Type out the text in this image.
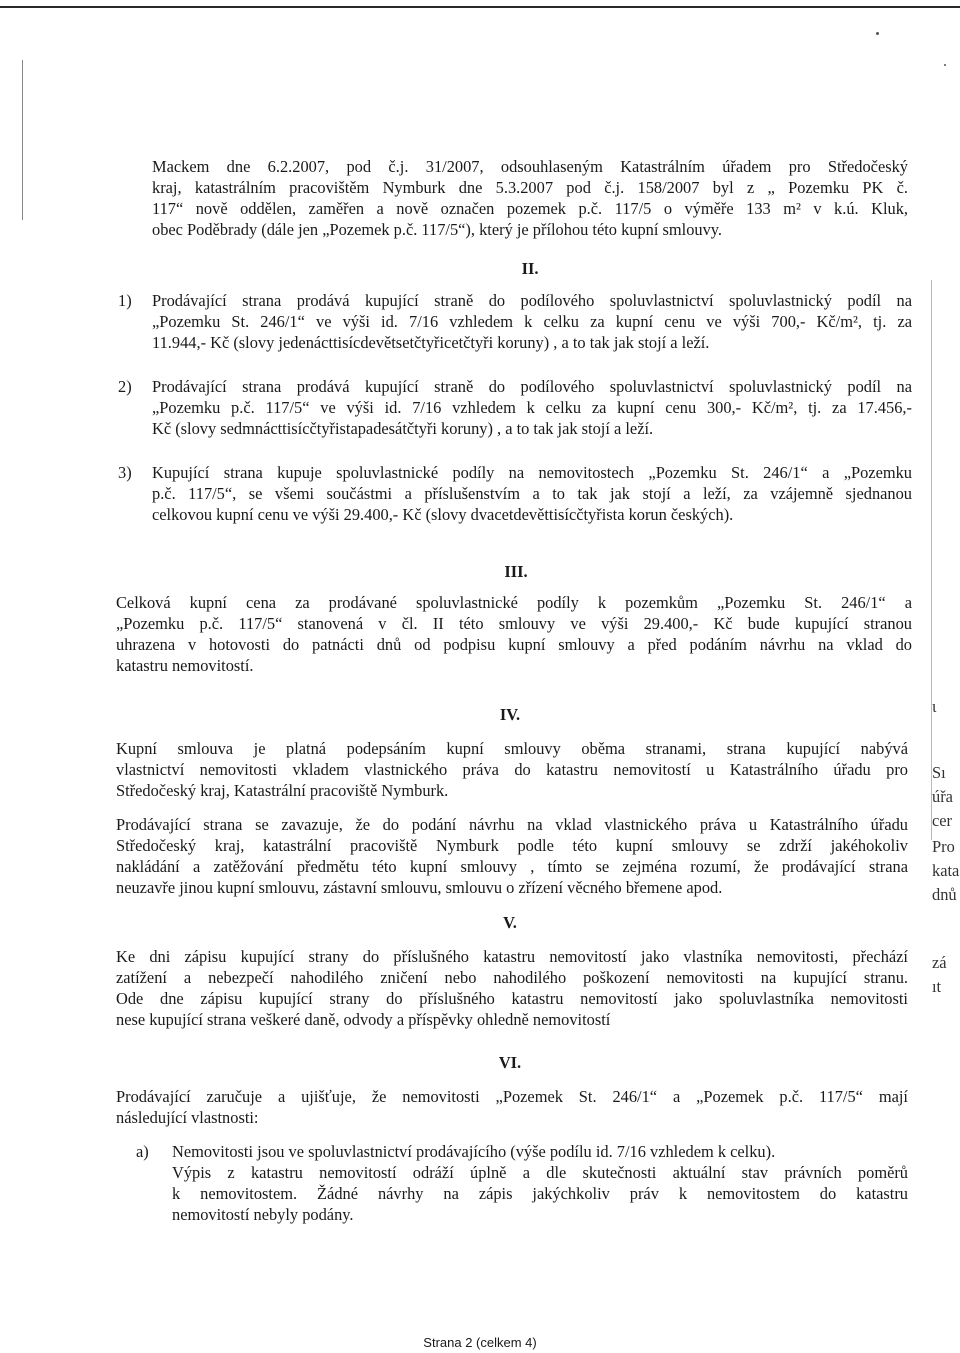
Mackem dne 6.2.2007, pod č.j. 31/2007, odsouhlaseným Katastrálním úřadem pro Středočeský
kraj, katastrálním pracovištěm Nymburk dne 5.3.2007 pod č.j. 158/2007 byl z „ Pozemku PK č.
117“ nově oddělen, zaměřen a nově označen pozemek p.č. 117/5 o výměře 133 m² v k.ú. Kluk,
obec Poděbrady (dále jen „Pozemek p.č. 117/5“), který je přílohou této kupní smlouvy.
II.
1) Prodávající strana prodává kupující straně do podílového spoluvlastnictví spoluvlastnický podíl na
„Pozemku St. 246/1“ ve výši id. 7/16 vzhledem k celku za kupní cenu ve výši 700,- Kč/m², tj. za
11.944,- Kč (slovy jedenácttisícdevětsetčtyřicetčtyři koruny) , a to tak jak stojí a leží.
2) Prodávající strana prodává kupující straně do podílového spoluvlastnictví spoluvlastnický podíl na
„Pozemku p.č. 117/5“ ve výši id. 7/16 vzhledem k celku za kupní cenu 300,- Kč/m², tj. za 17.456,-
Kč (slovy sedmnácttisícčtyřistapadesátčtyři koruny) , a to tak jak stojí a leží.
3) Kupující strana kupuje spoluvlastnické podíly na nemovitostech „Pozemku St. 246/1“ a „Pozemku
p.č. 117/5“, se všemi součástmi a příslušenstvím a to tak jak stojí a leží, za vzájemně sjednanou
celkovou kupní cenu ve výši 29.400,- Kč (slovy dvacetdevěttisícčtyřista korun českých).
III.
Celková kupní cena za prodávané spoluvlastnické podíly k pozemkům „Pozemku St. 246/1“ a
„Pozemku p.č. 117/5“ stanovená v čl. II této smlouvy ve výši 29.400,- Kč bude kupující stranou
uhrazena v hotovosti do patnácti dnů od podpisu kupní smlouvy a před podáním návrhu na vklad do
katastru nemovitostí.
IV.
Kupní smlouva je platná podepsáním kupní smlouvy oběma stranami, strana kupující nabývá
vlastnictví nemovitosti vkladem vlastnického práva do katastru nemovitostí u Katastrálního úřadu pro
Středočeský kraj, Katastrální pracoviště Nymburk.
Prodávající strana se zavazuje, že do podání návrhu na vklad vlastnického práva u Katastrálního úřadu
Středočeský kraj, katastrální pracoviště Nymburk podle této kupní smlouvy se zdrží jakéhokoliv
nakládání a zatěžování předmětu této kupní smlouvy , tímto se zejména rozumí, že prodávající strana
neuzavře jinou kupní smlouvu, zástavní smlouvu, smlouvu o zřízení věcného břemene apod.
V.
Ke dni zápisu kupující strany do příslušného katastru nemovitostí jako vlastníka nemovitosti, přechází
zatížení a nebezpečí nahodilého zničení nebo nahodilého poškození nemovitosti na kupující stranu.
Ode dne zápisu kupující strany do příslušného katastru nemovitostí jako spoluvlastníka nemovitosti
nese kupující strana veškeré daně, odvody a příspěvky ohledně nemovitostí
VI.
Prodávající zaručuje a ujišťuje, že nemovitosti „Pozemek St. 246/1“ a „Pozemek p.č. 117/5“ mají
následující vlastnosti:
a) Nemovitosti jsou ve spoluvlastnictví prodávajícího (výše podílu id. 7/16 vzhledem k celku).
Výpis z katastru nemovitostí odráží úplně a dle skutečnosti aktuální stav právních poměrů
k nemovitostem. Žádné návrhy na zápis jakýchkoliv práv k nemovitostem do katastru
nemovitostí nebyly podány.
ι
Sı
úřa
cer
Pro
kata
dnů
zá
ıt
Strana 2 (celkem 4)
